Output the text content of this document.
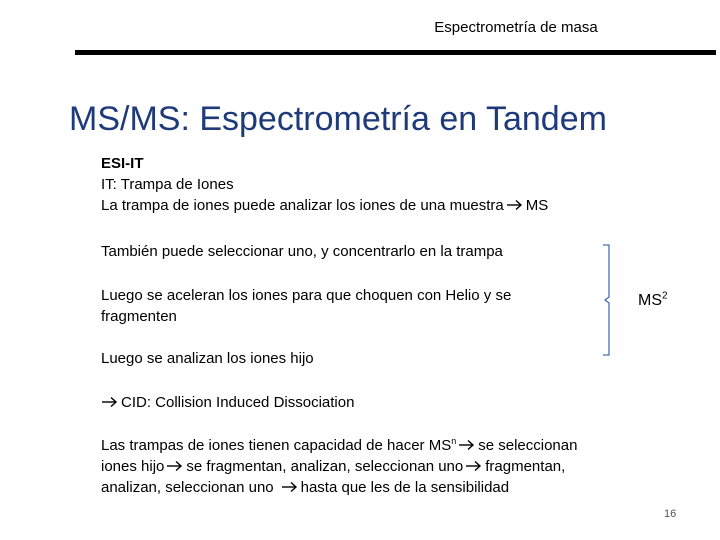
Espectrometría de masa
MS/MS: Espectrometría en Tandem
ESI-IT
IT: Trampa de Iones
La trampa de iones puede analizar los iones de una muestra MS
También puede seleccionar uno, y concentrarlo en la trampa
Luego se aceleran los iones para que choquen con Helio y se
fragmenten
Luego se analizan los iones hijo
$MS^2$
CID: Collision Induced Dissociation
Las trampas de iones tienen capacidad de hacer $MS^n$ se seleccionan
iones hijo se fragmentan, analizan, seleccionan uno fragmentan,
analizan, seleccionan uno hasta que les de la sensibilidad
16
